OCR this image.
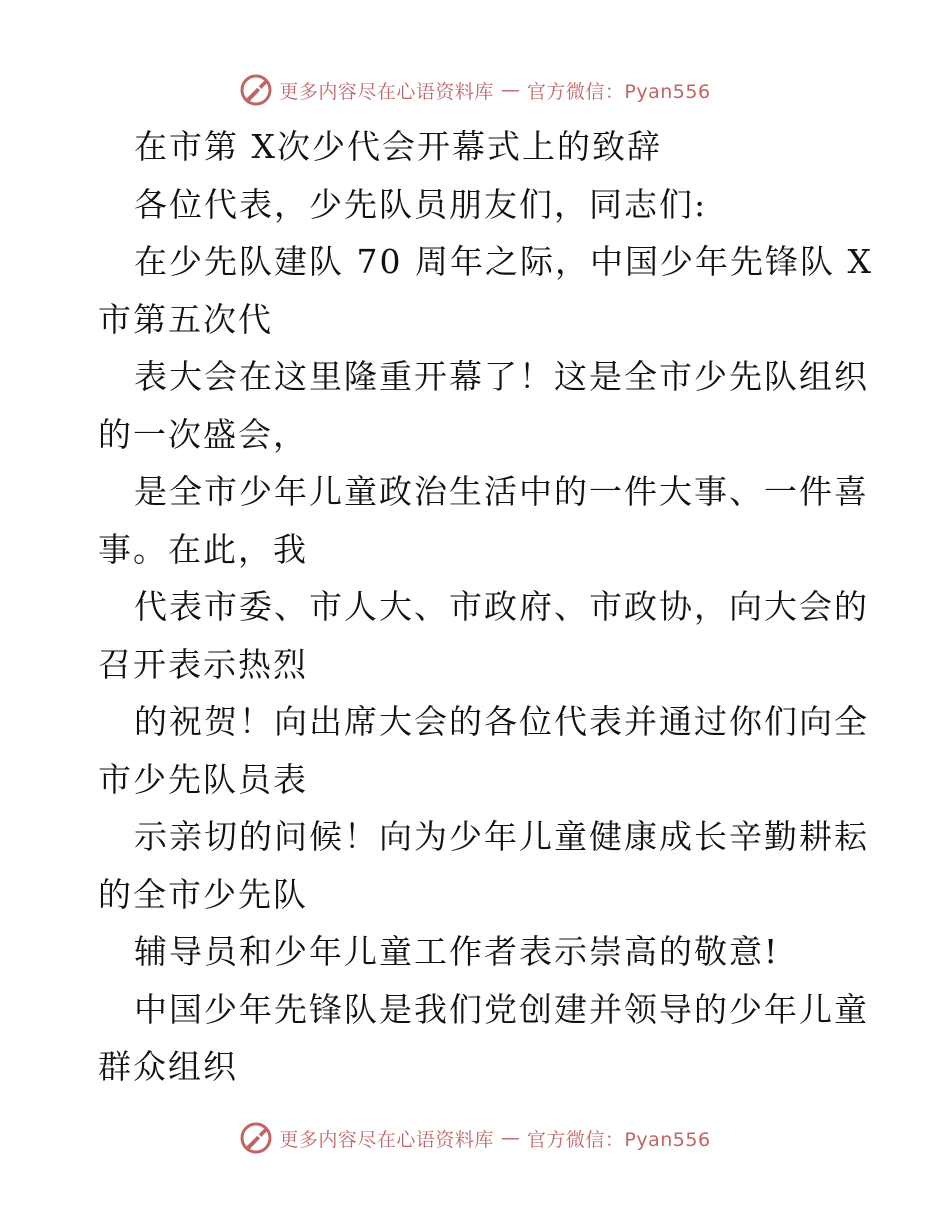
更多内容尽在心语资料库 — 官方微信：Pyan556
在市第 X次少代会开幕式上的致辞
各位代表，少先队员朋友们，同志们:
在少先队建队 70 周年之际，中国少年先锋队 X
市第五次代
表大会在这里隆重开幕了！这是全市少先队组织
的一次盛会，
是全市少年儿童政治生活中的一件大事、一件喜
事。在此，我
代表市委、市人大、市政府、市政协，向大会的
召开表示热烈
的祝贺！向出席大会的各位代表并通过你们向全
市少先队员表
示亲切的问候！向为少年儿童健康成长辛勤耕耘
的全市少先队
辅导员和少年儿童工作者表示崇高的敬意!
中国少年先锋队是我们党创建并领导的少年儿童
群众组织
更多内容尽在心语资料库 — 官方微信：Pyan556
